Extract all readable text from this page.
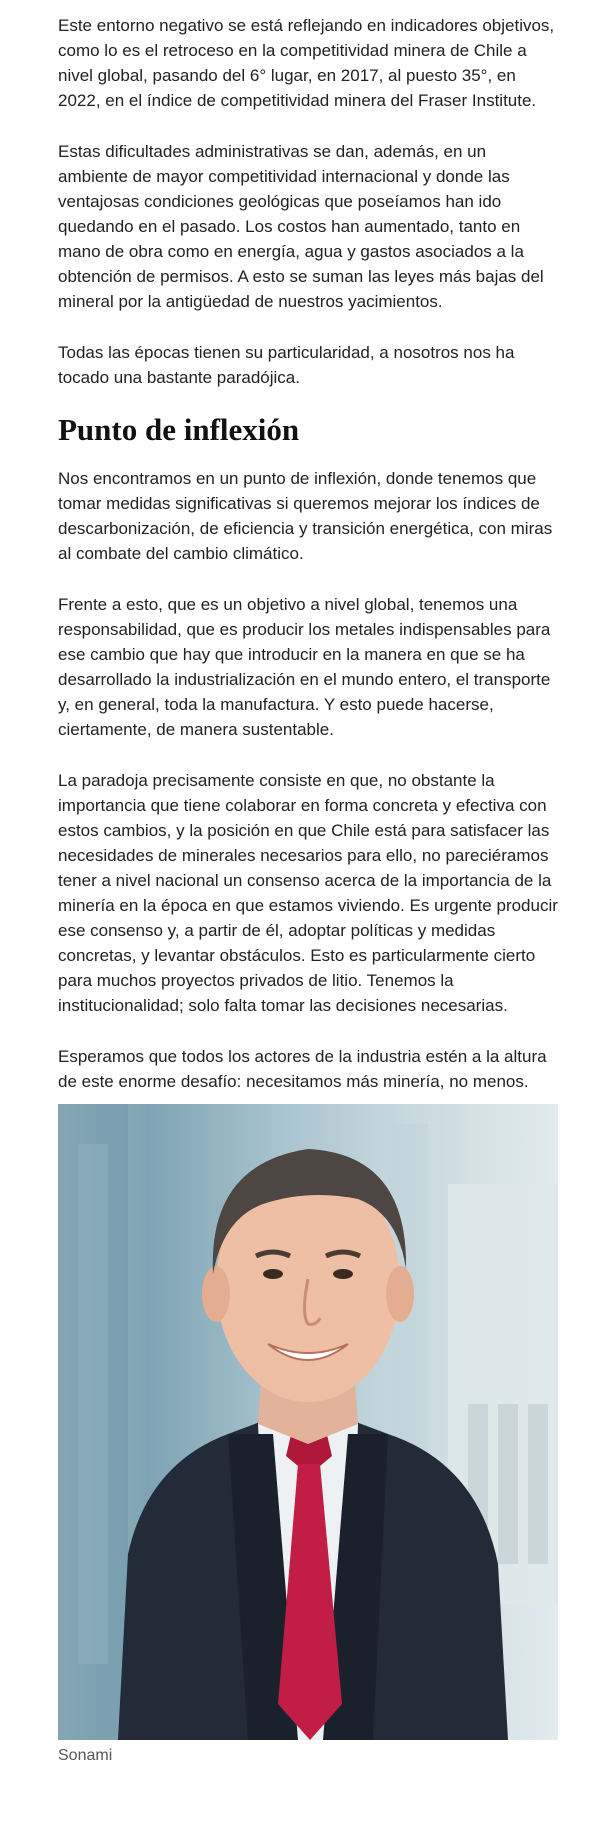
Este entorno negativo se está reflejando en indicadores objetivos, como lo es el retroceso en la competitividad minera de Chile a nivel global, pasando del 6° lugar, en 2017, al puesto 35°, en 2022, en el índice de competitividad minera del Fraser Institute.

Estas dificultades administrativas se dan, además, en un ambiente de mayor competitividad internacional y donde las ventajosas condiciones geológicas que poseíamos han ido quedando en el pasado. Los costos han aumentado, tanto en mano de obra como en energía, agua y gastos asociados a la obtención de permisos. A esto se suman las leyes más bajas del mineral por la antigüedad de nuestros yacimientos.

Todas las épocas tienen su particularidad, a nosotros nos ha tocado una bastante paradójica.

Punto de inflexión

Nos encontramos en un punto de inflexión, donde tenemos que tomar medidas significativas si queremos mejorar los índices de descarbonización, de eficiencia y transición energética, con miras al combate del cambio climático.

Frente a esto, que es un objetivo a nivel global, tenemos una responsabilidad, que es producir los metales indispensables para ese cambio que hay que introducir en la manera en que se ha desarrollado la industrialización en el mundo entero, el transporte y, en general, toda la manufactura. Y esto puede hacerse, ciertamente, de manera sustentable.

La paradoja precisamente consiste en que, no obstante la importancia que tiene colaborar en forma concreta y efectiva con estos cambios, y la posición en que Chile está para satisfacer las necesidades de minerales necesarios para ello, no pareciéramos tener a nivel nacional un consenso acerca de la importancia de la minería en la época en que estamos viviendo. Es urgente producir ese consenso y, a partir de él, adoptar políticas y medidas concretas, y levantar obstáculos. Esto es particularmente cierto para muchos proyectos privados de litio. Tenemos la institucionalidad; solo falta tomar las decisiones necesarias.

Esperamos que todos los actores de la industria estén a la altura de este enorme desafío: necesitamos más minería, no menos.

Sonami
